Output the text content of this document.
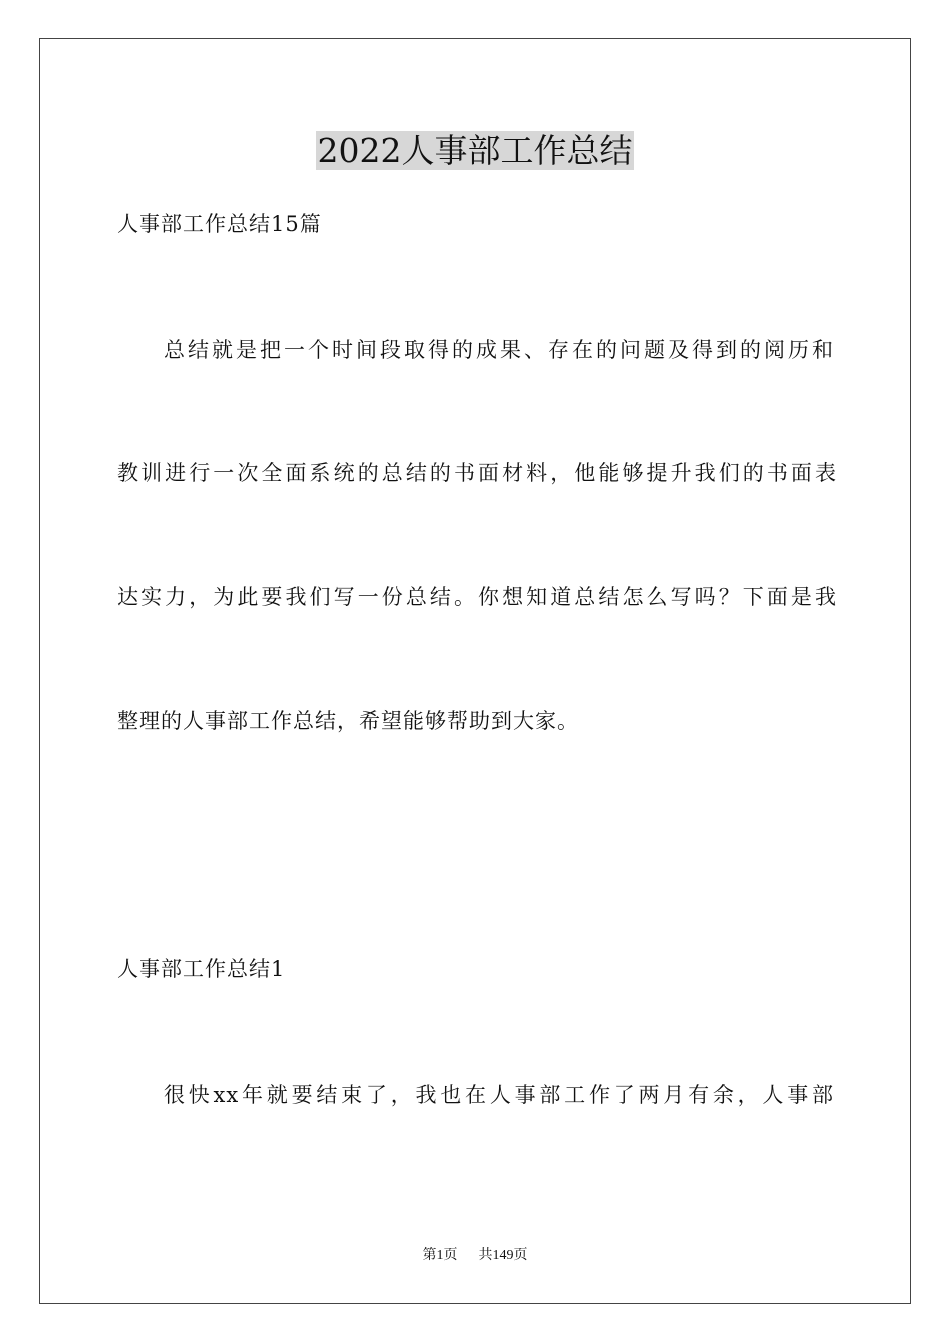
2022人事部工作总结
人事部工作总结15篇
总结就是把一个时间段取得的成果、存在的问题及得到的阅历和
教训进行一次全面系统的总结的书面材料，他能够提升我们的书面表
达实力，为此要我们写一份总结。你想知道总结怎么写吗？下面是我
整理的人事部工作总结，希望能够帮助到大家。
人事部工作总结1
很快xx年就要结束了，我也在人事部工作了两月有余，人事部
第1页 共149页
